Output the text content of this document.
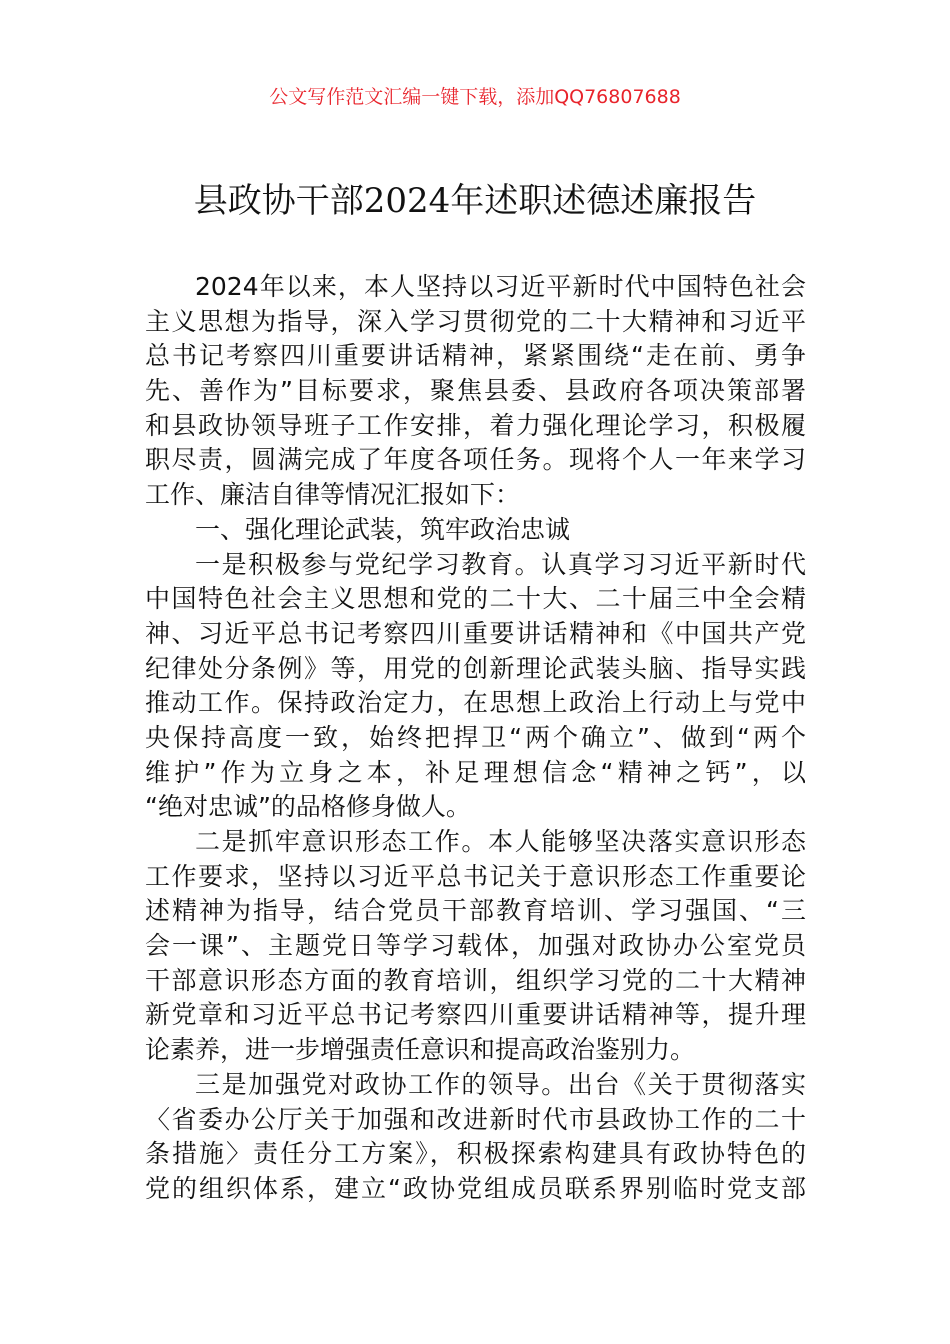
公文写作范文汇编一键下载，添加QQ76807688
县政协干部2024年述职述德述廉报告
2024年以来，本人坚持以习近平新时代中国特色社会
主义思想为指导，深入学习贯彻党的二十大精神和习近平
总书记考察四川重要讲话精神，紧紧围绕“走在前、勇争
先、善作为”目标要求，聚焦县委、县政府各项决策部署
和县政协领导班子工作安排，着力强化理论学习，积极履
职尽责，圆满完成了年度各项任务。现将个人一年来学习
工作、廉洁自律等情况汇报如下：
一、强化理论武装，筑牢政治忠诚
一是积极参与党纪学习教育。认真学习习近平新时代
中国特色社会主义思想和党的二十大、二十届三中全会精
神、习近平总书记考察四川重要讲话精神和《中国共产党
纪律处分条例》等，用党的创新理论武装头脑、指导实践
推动工作。保持政治定力，在思想上政治上行动上与党中
央保持高度一致，始终把捍卫“两个确立”、做到“两个
维护”作为立身之本，补足理想信念“精神之钙”，以
“绝对忠诚”的品格修身做人。
二是抓牢意识形态工作。本人能够坚决落实意识形态
工作要求，坚持以习近平总书记关于意识形态工作重要论
述精神为指导，结合党员干部教育培训、学习强国、“三
会一课”、主题党日等学习载体，加强对政协办公室党员
干部意识形态方面的教育培训，组织学习党的二十大精神
新党章和习近平总书记考察四川重要讲话精神等，提升理
论素养，进一步增强责任意识和提高政治鉴别力。
三是加强党对政协工作的领导。出台《关于贯彻落实
〈省委办公厅关于加强和改进新时代市县政协工作的二十
条措施〉责任分工方案》，积极探索构建具有政协特色的
党的组织体系，建立“政协党组成员联系界别临时党支部
